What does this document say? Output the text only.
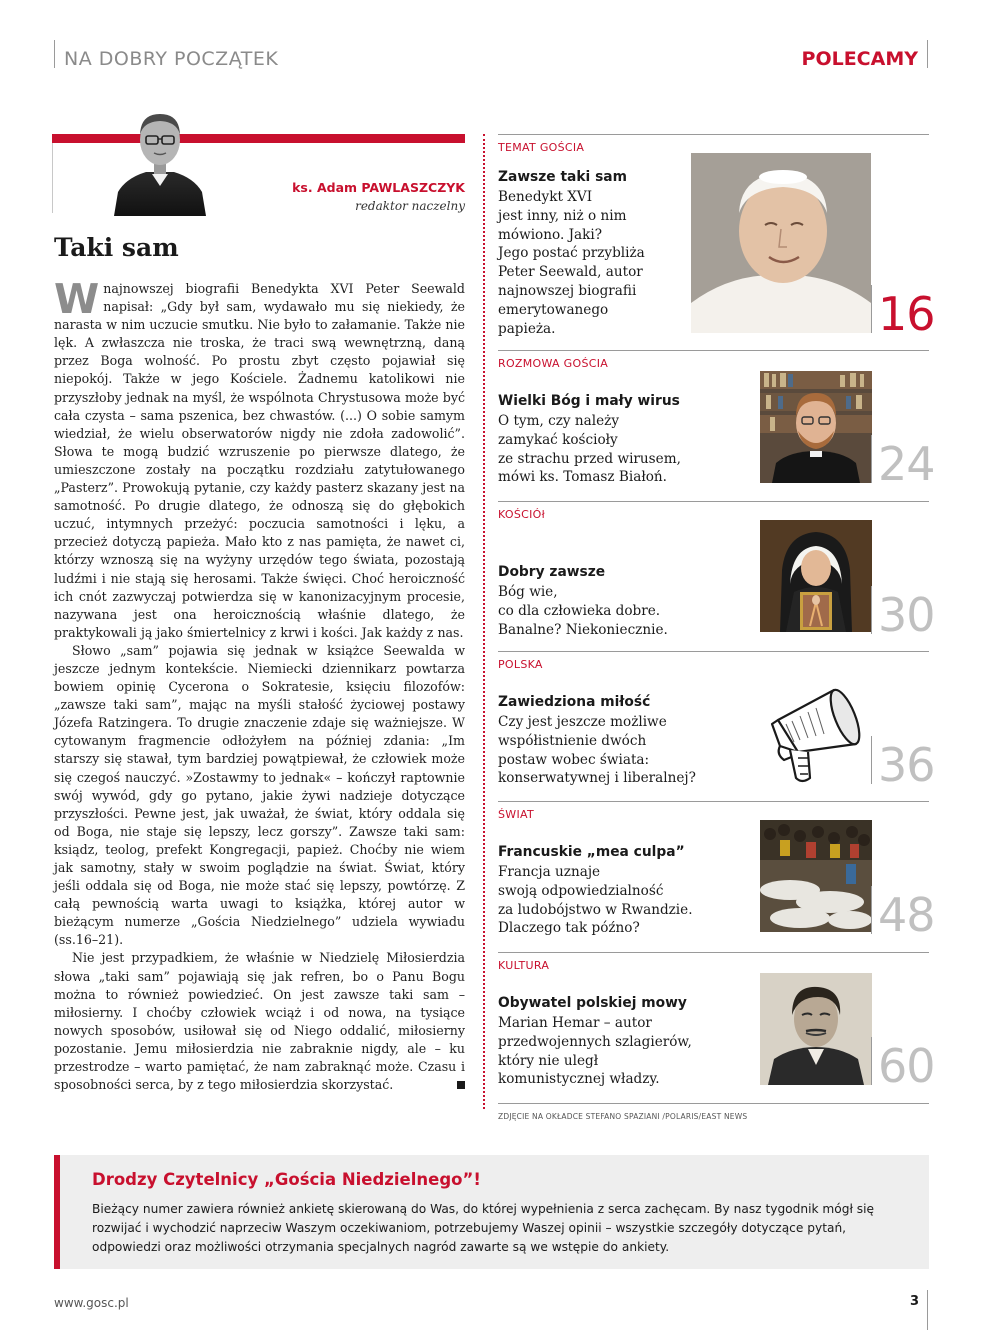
NA DOBRY POCZĄTEK	POLECAMY
ks. Adam PAWLASZCZYK
redaktor naczelny
Taki sam

Wnajnowszej biografii Benedykta XVI Peter Seewald napisał: „Gdy był sam, wydawało mu się niekiedy, że narasta w nim uczucie smutku. Nie było to załamanie. Także nie lęk. A zwłaszcza nie troska, że traci swą wewnętrzną, daną przez Boga wolność. Po prostu zbyt często pojawiał się niepokój. Także w jego Kościele. Żadnemu katolikowi nie przyszłoby jednak na myśl, że wspólnota Chrystusowa może być cała czysta – sama pszenica, bez chwastów. (...) O sobie samym wiedział, że wielu obserwatorów nigdy nie zdoła zadowolić”. Słowa te mogą budzić wzruszenie po pierwsze dlatego, że umieszczone zostały na początku rozdziału zatytułowanego „Pasterz”. Prowokują pytanie, czy każdy pasterz skazany jest na samotność. Po drugie dlatego, że odnoszą się do głębokich uczuć, intymnych przeżyć: poczucia samotności i lęku, a przecież dotyczą papieża. Mało kto z nas pamięta, że nawet ci, którzy wznoszą się na wyżyny urzędów tego świata, pozostają ludźmi i nie stają się herosami. Także święci. Choć heroiczność ich cnót zazwyczaj potwierdza się w kanonizacyjnym procesie, nazywana jest ona heroicznością właśnie dlatego, że praktykowali ją jako śmiertelnicy z krwi i kości. Jak każdy z nas.

Słowo „sam” pojawia się jednak w książce Seewalda w jeszcze jednym kontekście. Niemiecki dziennikarz powtarza bowiem opinię Cycerona o Sokratesie, księciu filozofów: „zawsze taki sam”, mając na myśli stałość życiowej postawy Józefa Ratzingera. To drugie znaczenie zdaje się ważniejsze. W cytowanym fragmencie odłożyłem na później zdania: „Im starszy się stawał, tym bardziej powątpiewał, że człowiek może się czegoś nauczyć. »Zostawmy to jednak« – kończył raptownie swój wywód, gdy go pytano, jakie żywi nadzieje dotyczące przyszłości. Pewne jest, jak uważał, że świat, który oddala się od Boga, nie staje się lepszy, lecz gorszy”. Zawsze taki sam: ksiądz, teolog, prefekt Kongregacji, papież. Choćby nie wiem jak samotny, stały w swoim poglądzie na świat. Świat, który jeśli oddala się od Boga, nie może stać się lepszy, powtórzę. Z całą pewnością warta uwagi to książka, której autor w bieżącym numerze „Gościa Niedzielnego” udziela wywiadu (ss.16–21).

Nie jest przypadkiem, że właśnie w Niedzielę Miłosierdzia słowa „taki sam” pojawiają się jak refren, bo o Panu Bogu można to również powiedzieć. On jest zawsze taki sam – miłosierny. I choćby człowiek wciąż i od nowa, na tysiące nowych sposobów, usiłował się od Niego oddalić, miłosierny pozostanie. Jemu miłosierdzia nie zabraknie nigdy, ale – ku przestrodze – warto pamiętać, że nam zabraknąć może. Czasu i sposobności serca, by z tego miłosierdzia skorzystać.

TEMAT GOŚCIA
Zawsze taki sam
Benedykt XVI
jest inny, niż o nim
mówiono. Jaki?
Jego postać przybliża
Peter Seewald, autor
najnowszej biografii
emerytowanego
papieża.	16
ROZMOWA GOŚCIA
Wielki Bóg i mały wirus
O tym, czy należy
zamykać kościoły
ze strachu przed wirusem,
mówi ks. Tomasz Białoń.	24
KOŚCIÓł
Dobry zawsze
Bóg wie,
co dla człowieka dobre.
Banalne? Niekoniecznie.	30
POLSKA
Zawiedziona miłość
Czy jest jeszcze możliwe
współistnienie dwóch
postaw wobec świata:
konserwatywnej i liberalnej?	36
ŚWIAT
Francuskie „mea culpa”
Francja uznaje
swoją odpowiedzialność
za ludobójstwo w Rwandzie.
Dlaczego tak późno?	48
KULTURA
Obywatel polskiej mowy
Marian Hemar – autor
przedwojennych szlagierów,
który nie uległ
komunistycznej władzy.	60
ZDJĘCIE NA OKŁADCE STEFANO SPAZIANI /POLARIS/EAST NEWS
Drodzy Czytelnicy „Gościa Niedzielnego”!
Bieżący numer zawiera również ankietę skierowaną do Was, do której wypełnienia z serca zachęcam. By nasz tygodnik mógł się
rozwijać i wychodzić naprzeciw Waszym oczekiwaniom, potrzebujemy Waszej opinii – wszystkie szczegóły dotyczące pytań,
odpowiedzi oraz możliwości otrzymania specjalnych nagród zawarte są we wstępie do ankiety.
www.gosc.pl	3
